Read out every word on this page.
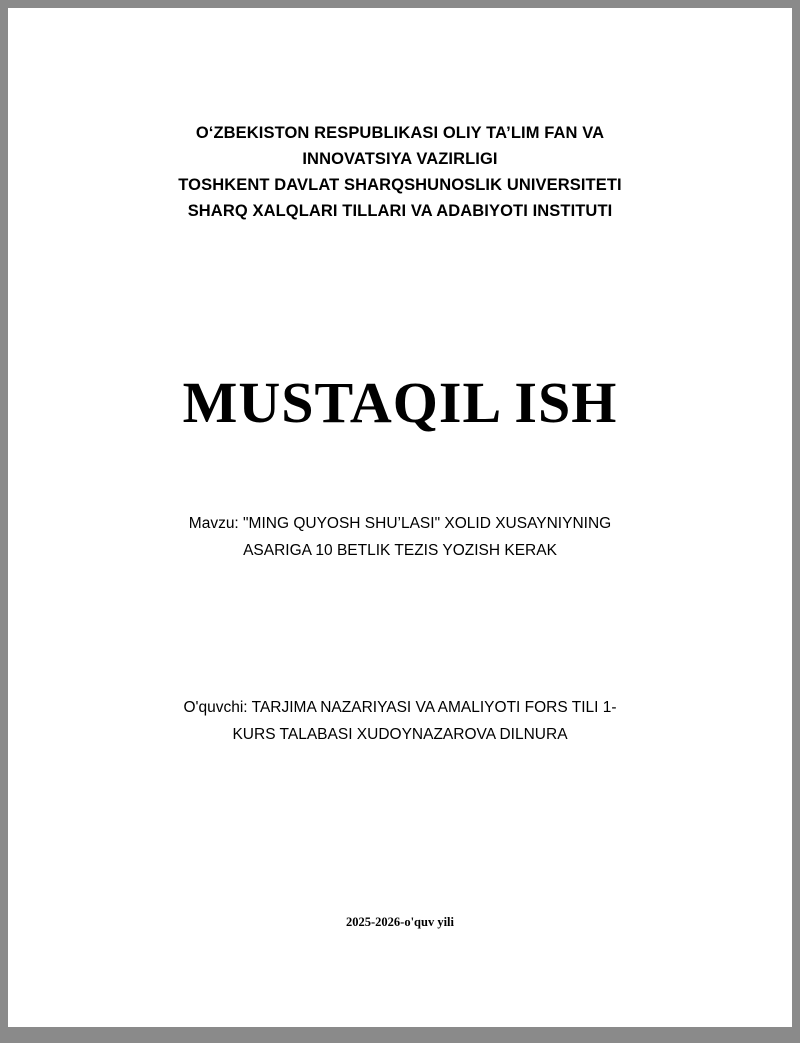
O‘ZBEKISTON RESPUBLIKASI OLIY TA’LIM FAN VA
INNOVATSIYA VAZIRLIGI
TOSHKENT DAVLAT SHARQSHUNOSLIK UNIVERSITETI
SHARQ XALQLARI TILLARI VA ADABIYOTI INSTITUTI
MUSTAQIL ISH
Mavzu: "MING QUYOSH SHU’LASI" XOLID XUSAYNIYNING
ASARIGA 10 BETLIK TEZIS YOZISH KERAK
O'quvchi: TARJIMA NAZARIYASI VA AMALIYOTI FORS TILI 1-
KURS TALABASI XUDOYNAZAROVA DILNURA
2025-2026-o'quv yili
